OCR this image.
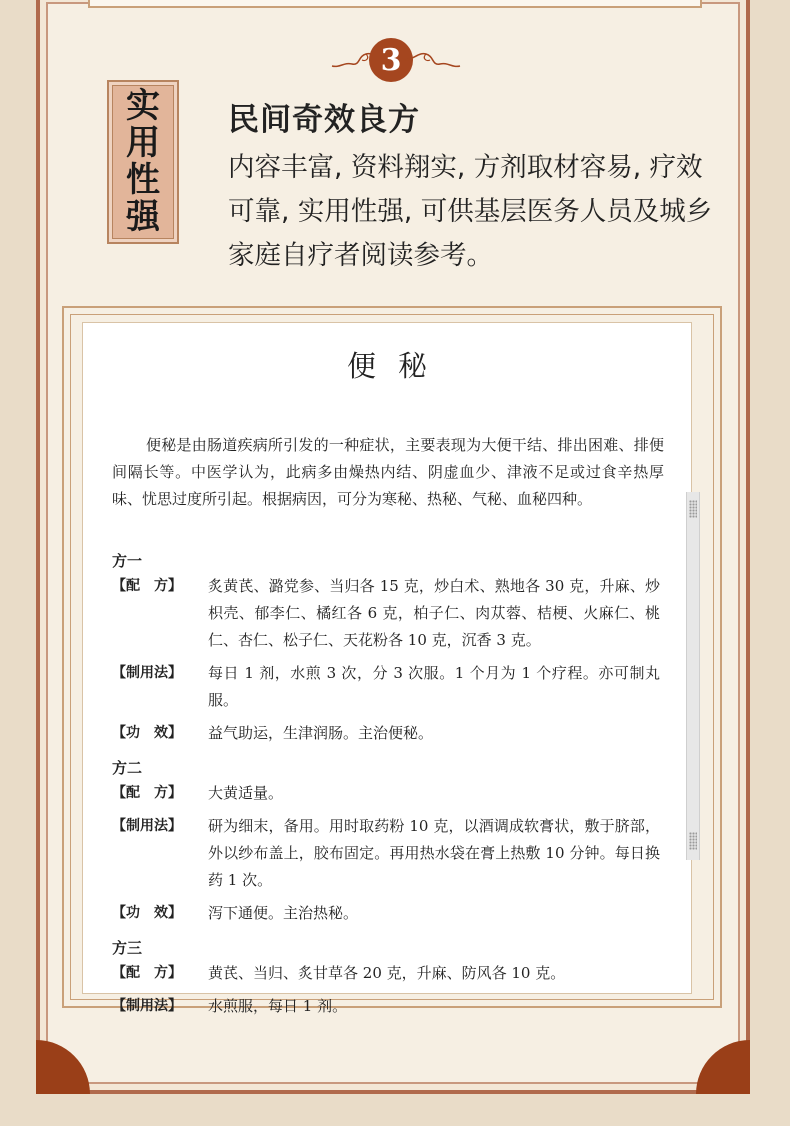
3
实用性强
民间奇效良方
内容丰富, 资料翔实, 方剂取材容易, 疗效可靠, 实用性强, 可供基层医务人员及城乡家庭自疗者阅读参考。
便秘
便秘是由肠道疾病所引发的一种症状，主要表现为大便干结、排出困难、排便间隔长等。中医学认为，此病多由燥热内结、阴虚血少、津液不足或过食辛热厚味、忧思过度所引起。根据病因，可分为寒秘、热秘、气秘、血秘四种。
方一
【配　方】	炙黄芪、潞党参、当归各 15 克，炒白术、熟地各 30 克，升麻、炒枳壳、郁李仁、橘红各 6 克，柏子仁、肉苁蓉、桔梗、火麻仁、桃仁、杏仁、松子仁、天花粉各 10 克，沉香 3 克。
【制用法】	每日 1 剂，水煎 3 次，分 3 次服。1 个月为 1 个疗程。亦可制丸服。
【功　效】	益气助运，生津润肠。主治便秘。
方二
【配　方】	大黄适量。
【制用法】	研为细末，备用。用时取药粉 10 克，以酒调成软膏状，敷于脐部，外以纱布盖上，胶布固定。再用热水袋在膏上热敷 10 分钟。每日换药 1 次。
【功　效】	泻下通便。主治热秘。
方三
【配　方】	黄芪、当归、炙甘草各 20 克，升麻、防风各 10 克。
【制用法】	水煎服，每日 1 剂。
